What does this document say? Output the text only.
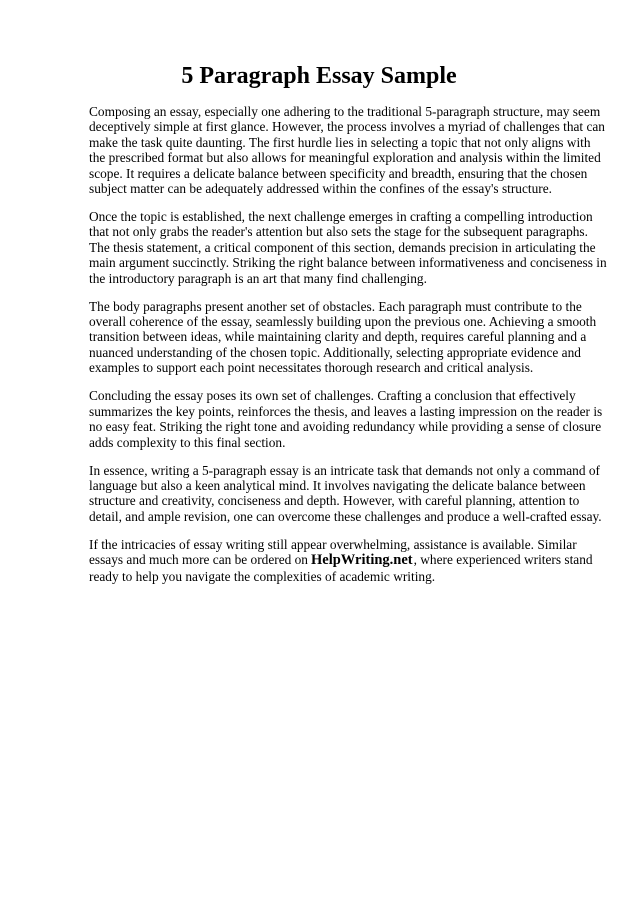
5 Paragraph Essay Sample

Composing an essay, especially one adhering to the traditional 5-paragraph structure, may seem
deceptively simple at first glance. However, the process involves a myriad of challenges that can
make the task quite daunting. The first hurdle lies in selecting a topic that not only aligns with
the prescribed format but also allows for meaningful exploration and analysis within the limited
scope. It requires a delicate balance between specificity and breadth, ensuring that the chosen
subject matter can be adequately addressed within the confines of the essay's structure.

Once the topic is established, the next challenge emerges in crafting a compelling introduction
that not only grabs the reader's attention but also sets the stage for the subsequent paragraphs.
The thesis statement, a critical component of this section, demands precision in articulating the
main argument succinctly. Striking the right balance between informativeness and conciseness in
the introductory paragraph is an art that many find challenging.

The body paragraphs present another set of obstacles. Each paragraph must contribute to the
overall coherence of the essay, seamlessly building upon the previous one. Achieving a smooth
transition between ideas, while maintaining clarity and depth, requires careful planning and a
nuanced understanding of the chosen topic. Additionally, selecting appropriate evidence and
examples to support each point necessitates thorough research and critical analysis.

Concluding the essay poses its own set of challenges. Crafting a conclusion that effectively
summarizes the key points, reinforces the thesis, and leaves a lasting impression on the reader is
no easy feat. Striking the right tone and avoiding redundancy while providing a sense of closure
adds complexity to this final section.

In essence, writing a 5-paragraph essay is an intricate task that demands not only a command of
language but also a keen analytical mind. It involves navigating the delicate balance between
structure and creativity, conciseness and depth. However, with careful planning, attention to
detail, and ample revision, one can overcome these challenges and produce a well-crafted essay.

If the intricacies of essay writing still appear overwhelming, assistance is available. Similar
essays and much more can be ordered on HelpWriting.net, where experienced writers stand
ready to help you navigate the complexities of academic writing.
